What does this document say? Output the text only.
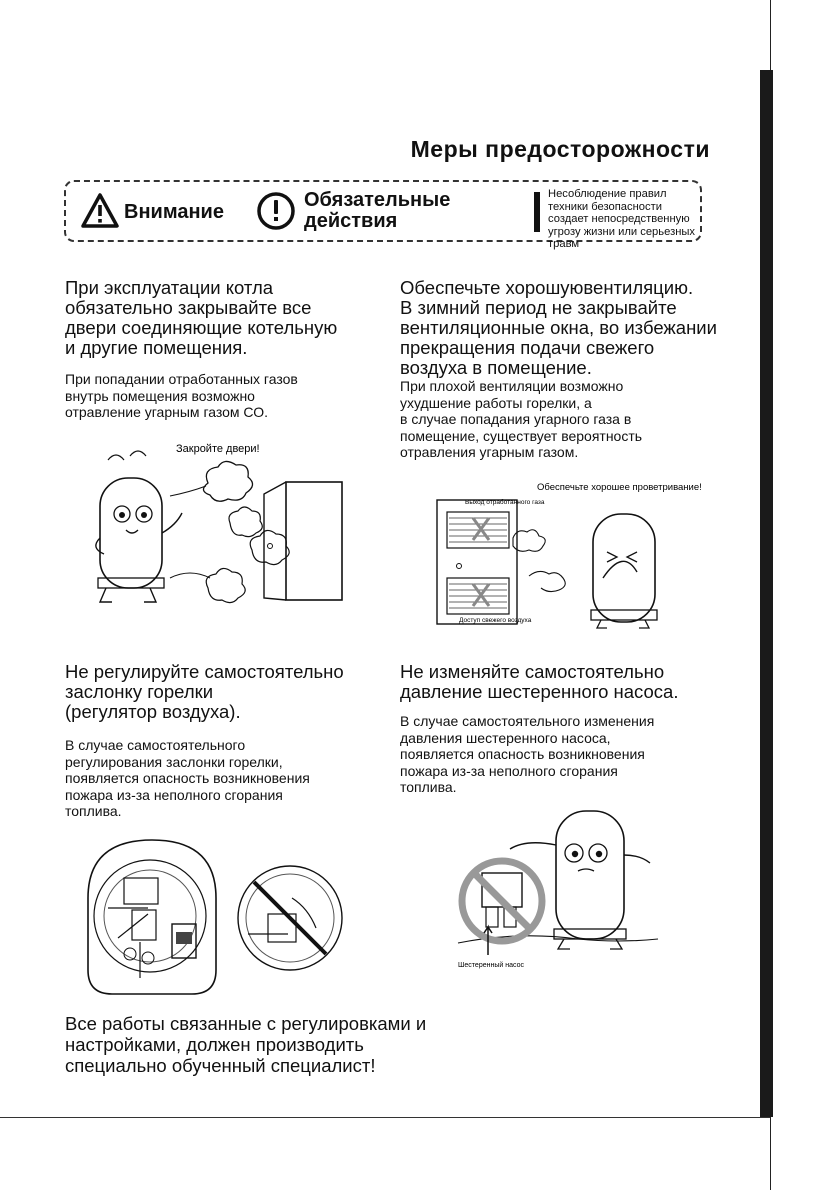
Меры предосторожности
Внимание
Обязательные
действия
Несоблюдение правил техники безопасности создает непосредственную угрозу жизни или серьезных травм
При эксплуатации котла
обязательно закрывайте все
двери соединяющие котельную
и другие помещения.
При попадании отработанных газов
внутрь помещения возможно
отравление угарным газом СО.
Закройте двери!
Обеспечьте хорошуювентиляцию.
В зимний период не закрывайте
вентиляционные окна, во избежании
прекращения подачи свежего
воздуха в помещение.
При плохой вентиляции возможно
ухудшение работы горелки, а
в случае попадания угарного газа в
помещение, существует вероятность
отравления угарным газом.
Обеспечьте хорошее проветривание!
Выход отработанного газа
Доступ свежего воздуха
Не регулируйте самостоятельно
заслонку горелки
(регулятор воздуха).
В случае самостоятельного
регулирования заслонки горелки,
появляется опасность возникновения
пожара из-за неполного сгорания
топлива.
Не изменяйте самостоятельно
давление шестеренного насоса.
В случае самостоятельного изменения
давления шестеренного насоса,
появляется опасность возникновения
пожара из-за неполного сгорания
топлива.
Шестеренный насос
Все работы связанные с регулировками и
настройками, должен производить
специально обученный специалист!
